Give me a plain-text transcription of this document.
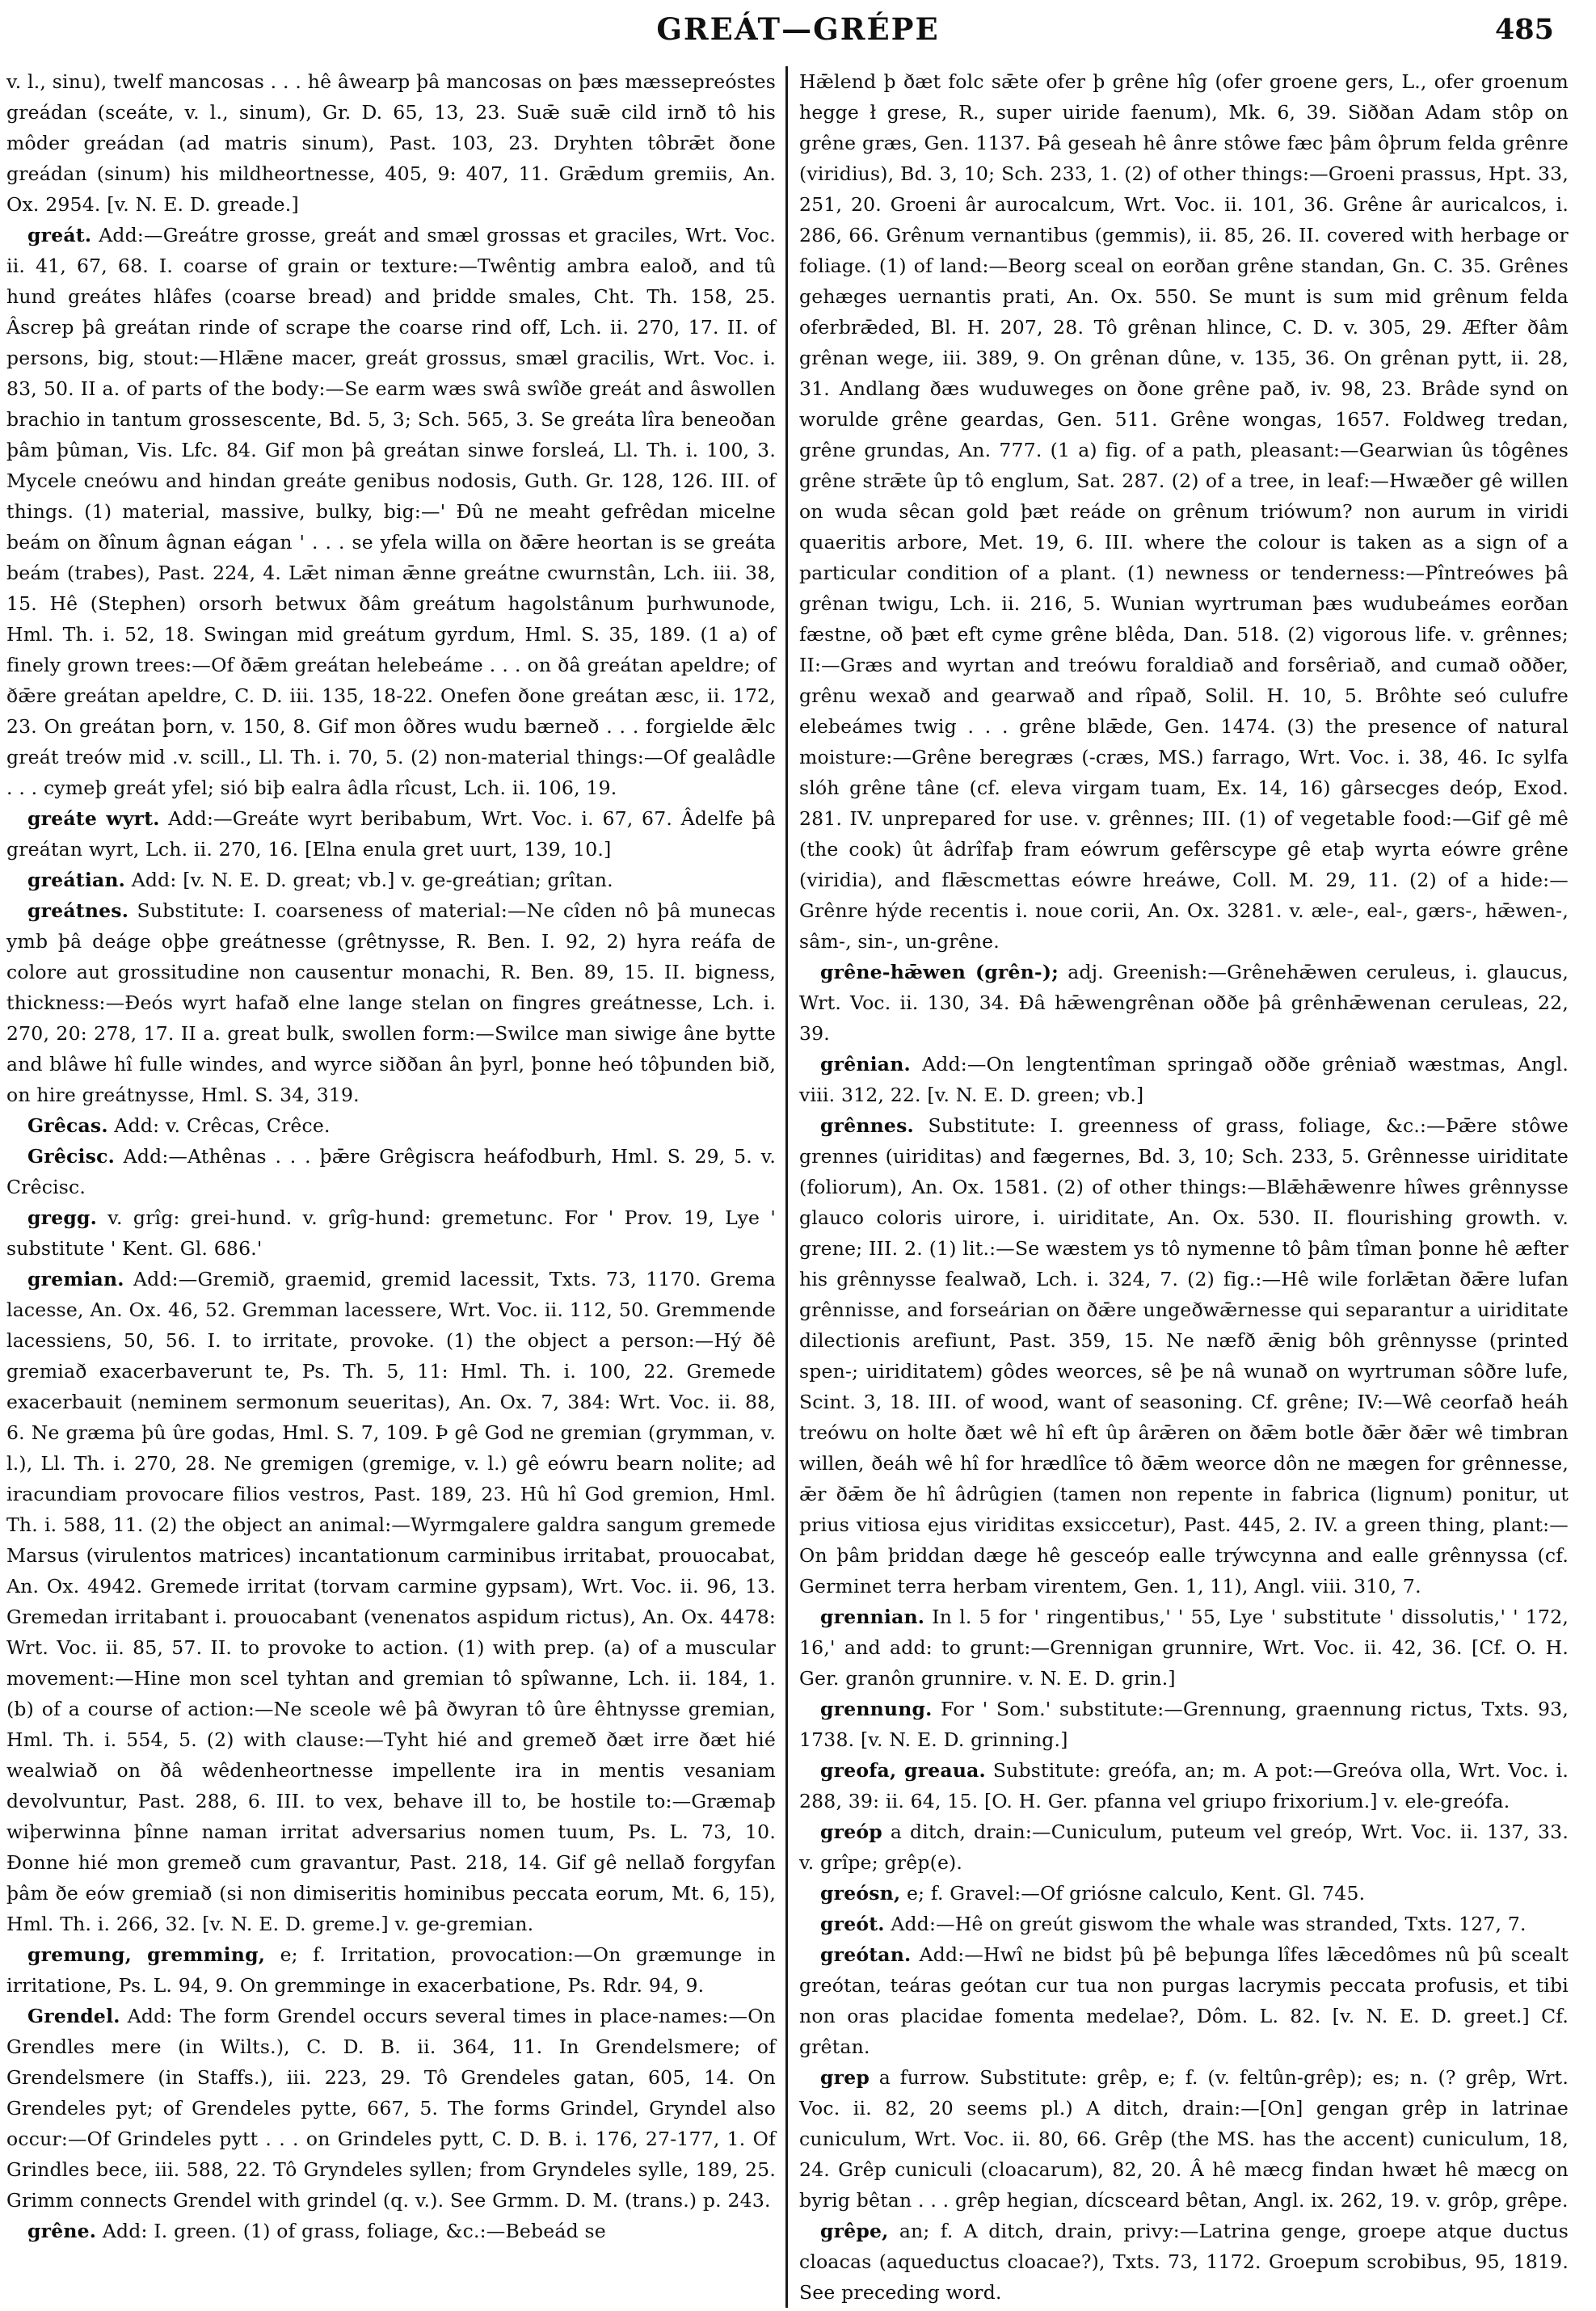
GREÁT—GRÉPE	485

v. l., sinu), twelf mancosas . . . hê âwearp þâ mancosas on þæs mæssepreóstes greádan (sceáte, v. l., sinum), Gr. D. 65, 13, 23. Suǣ suǣ cild irnð tô his môder greádan (ad matris sinum), Past. 103, 23. Dryhten tôbrǣt ðone greádan (sinum) his mildheortnesse, 405, 9: 407, 11. Grǣdum gremiis, An. Ox. 2954. [v. N. E. D. greade.]

greát. Add:—Greátre grosse, greát and smæl grossas et graciles, Wrt. Voc. ii. 41, 67, 68. I. coarse of grain or texture:—Twêntig ambra ealoð, and tû hund greátes hlâfes (coarse bread) and þridde smales, Cht. Th. 158, 25. Âscrep þâ greátan rinde of scrape the coarse rind off, Lch. ii. 270, 17. II. of persons, big, stout:—Hlǣne macer, greát grossus, smæl gracilis, Wrt. Voc. i. 83, 50. II a. of parts of the body:—Se earm wæs swâ swîðe greát and âswollen brachio in tantum grossescente, Bd. 5, 3; Sch. 565, 3. Se greáta lîra beneoðan þâm þûman, Vis. Lfc. 84. Gif mon þâ greátan sinwe forsleá, Ll. Th. i. 100, 3. Mycele cneówu and hindan greáte genibus nodosis, Guth. Gr. 128, 126. III. of things. (1) material, massive, bulky, big:—' Ðû ne meaht gefrêdan micelne beám on ðînum âgnan eágan ' . . . se yfela willa on ðǣre heortan is se greáta beám (trabes), Past. 224, 4. Lǣt niman ǣnne greátne cwurnstân, Lch. iii. 38, 15. Hê (Stephen) orsorh betwux ðâm greátum hagolstânum þurhwunode, Hml. Th. i. 52, 18. Swingan mid greátum gyrdum, Hml. S. 35, 189. (1 a) of finely grown trees:—Of ðǣm greátan helebeáme . . . on ðâ greátan apeldre; of ðǣre greátan apeldre, C. D. iii. 135, 18-22. Onefen ðone greátan æsc, ii. 172, 23. On greátan þorn, v. 150, 8. Gif mon ôðres wudu bærneð . . . forgielde ǣlc greát treów mid .v. scill., Ll. Th. i. 70, 5. (2) non-material things:—Of gealâdle . . . cymeþ greát yfel; sió biþ ealra âdla rîcust, Lch. ii. 106, 19.

greáte wyrt. Add:—Greáte wyrt beribabum, Wrt. Voc. i. 67, 67. Âdelfe þâ greátan wyrt, Lch. ii. 270, 16. [Elna enula gret uurt, 139, 10.]

greátian. Add: [v. N. E. D. great; vb.] v. ge-greátian; grîtan.

greátnes. Substitute: I. coarseness of material:—Ne cîden nô þâ munecas ymb þâ deáge oþþe greátnesse (grêtnysse, R. Ben. I. 92, 2) hyra reáfa de colore aut grossitudine non causentur monachi, R. Ben. 89, 15. II. bigness, thickness:—Ðeós wyrt hafað elne lange stelan on fingres greátnesse, Lch. i. 270, 20: 278, 17. II a. great bulk, swollen form:—Swilce man siwige âne bytte and blâwe hî fulle windes, and wyrce siððan ân þyrl, þonne heó tôþunden bið, on hire greátnysse, Hml. S. 34, 319.

Grêcas. Add: v. Crêcas, Crêce.

Grêcisc. Add:—Athênas . . . þǣre Grêgiscra heáfodburh, Hml. S. 29, 5. v. Crêcisc.

gregg. v. grîg: grei-hund. v. grîg-hund: gremetunc. For ' Prov. 19, Lye ' substitute ' Kent. Gl. 686.'

gremian. Add:—Gremið, graemid, gremid lacessit, Txts. 73, 1170. Grema lacesse, An. Ox. 46, 52. Gremman lacessere, Wrt. Voc. ii. 112, 50. Gremmende lacessiens, 50, 56. I. to irritate, provoke. (1) the object a person:—Hý ðê gremiað exacerbaverunt te, Ps. Th. 5, 11: Hml. Th. i. 100, 22. Gremede exacerbauit (neminem sermonum seueritas), An. Ox. 7, 384: Wrt. Voc. ii. 88, 6. Ne græma þû ûre godas, Hml. S. 7, 109. Þ gê God ne gremian (grymman, v. l.), Ll. Th. i. 270, 28. Ne gremigen (gremige, v. l.) gê eówru bearn nolite; ad iracundiam provocare filios vestros, Past. 189, 23. Hû hî God gremion, Hml. Th. i. 588, 11. (2) the object an animal:—Wyrmgalere galdra sangum gremede Marsus (virulentos matrices) incantationum carminibus irritabat, prouocabat, An. Ox. 4942. Gremede irritat (torvam carmine gypsam), Wrt. Voc. ii. 96, 13. Gremedan irritabant i. prouocabant (venenatos aspidum rictus), An. Ox. 4478: Wrt. Voc. ii. 85, 57. II. to provoke to action. (1) with prep. (a) of a muscular movement:—Hine mon scel tyhtan and gremian tô spîwanne, Lch. ii. 184, 1. (b) of a course of action:—Ne sceole wê þâ ðwyran tô ûre êhtnysse gremian, Hml. Th. i. 554, 5. (2) with clause:—Tyht hié and gremeð ðæt irre ðæt hié wealwiað on ðâ wêdenheortnesse impellente ira in mentis vesaniam devolvuntur, Past. 288, 6. III. to vex, behave ill to, be hostile to:—Græmaþ wiþerwinna þînne naman irritat adversarius nomen tuum, Ps. L. 73, 10. Ðonne hié mon gremeð cum gravantur, Past. 218, 14. Gif gê nellað forgyfan þâm ðe eów gremiað (si non dimiseritis hominibus peccata eorum, Mt. 6, 15), Hml. Th. i. 266, 32. [v. N. E. D. greme.] v. ge-gremian.

gremung, gremming, e; f. Irritation, provocation:—On græmunge in irritatione, Ps. L. 94, 9. On gremminge in exacerbatione, Ps. Rdr. 94, 9.

Grendel. Add: The form Grendel occurs several times in place-names:—On Grendles mere (in Wilts.), C. D. B. ii. 364, 11. In Grendelsmere; of Grendelsmere (in Staffs.), iii. 223, 29. Tô Grendeles gatan, 605, 14. On Grendeles pyt; of Grendeles pytte, 667, 5. The forms Grindel, Gryndel also occur:—Of Grindeles pytt . . . on Grindeles pytt, C. D. B. i. 176, 27-177, 1. Of Grindles bece, iii. 588, 22. Tô Gryndeles syllen; from Gryndeles sylle, 189, 25. Grimm connects Grendel with grindel (q. v.). See Grmm. D. M. (trans.) p. 243.

grêne. Add: I. green. (1) of grass, foliage, &c.:—Bebeád se

Hǣlend þ ðæt folc sǣte ofer þ grêne hîg (ofer groene gers, L., ofer groenum hegge ł grese, R., super uiride faenum), Mk. 6, 39. Siððan Adam stôp on grêne græs, Gen. 1137. Þâ geseah hê ânre stôwe fæc þâm ôþrum felda grênre (viridius), Bd. 3, 10; Sch. 233, 1. (2) of other things:—Groeni prassus, Hpt. 33, 251, 20. Groeni âr aurocalcum, Wrt. Voc. ii. 101, 36. Grêne âr auricalcos, i. 286, 66. Grênum vernantibus (gemmis), ii. 85, 26. II. covered with herbage or foliage. (1) of land:—Beorg sceal on eorðan grêne standan, Gn. C. 35. Grênes gehæges uernantis prati, An. Ox. 550. Se munt is sum mid grênum felda oferbrǣded, Bl. H. 207, 28. Tô grênan hlince, C. D. v. 305, 29. Æfter ðâm grênan wege, iii. 389, 9. On grênan dûne, v. 135, 36. On grênan pytt, ii. 28, 31. Andlang ðæs wuduweges on ðone grêne pað, iv. 98, 23. Brâde synd on worulde grêne geardas, Gen. 511. Grêne wongas, 1657. Foldweg tredan, grêne grundas, An. 777. (1 a) fig. of a path, pleasant:—Gearwian ûs tôgênes grêne strǣte ûp tô englum, Sat. 287. (2) of a tree, in leaf:—Hwæðer gê willen on wuda sêcan gold þæt reáde on grênum triówum? non aurum in viridi quaeritis arbore, Met. 19, 6. III. where the colour is taken as a sign of a particular condition of a plant. (1) newness or tenderness:—Pîntreówes þâ grênan twigu, Lch. ii. 216, 5. Wunian wyrtruman þæs wudubeámes eorðan fæstne, oð þæt eft cyme grêne blêda, Dan. 518. (2) vigorous life. v. grênnes; II:—Græs and wyrtan and treówu foraldiað and forsêriað, and cumað oððer, grênu wexað and gearwað and rîpað, Solil. H. 10, 5. Brôhte seó culufre elebeámes twig . . . grêne blǣde, Gen. 1474. (3) the presence of natural moisture:—Grêne beregræs (-cræs, MS.) farrago, Wrt. Voc. i. 38, 46. Ic sylfa slóh grêne tâne (cf. eleva virgam tuam, Ex. 14, 16) gârsecges deóp, Exod. 281. IV. unprepared for use. v. grênnes; III. (1) of vegetable food:—Gif gê mê (the cook) ût âdrîfaþ fram eówrum gefêrscype gê etaþ wyrta eówre grêne (viridia), and flǣscmettas eówre hreáwe, Coll. M. 29, 11. (2) of a hide:—Grênre hýde recentis i. noue corii, An. Ox. 3281. v. æle-, eal-, gærs-, hǣwen-, sâm-, sin-, un-grêne.

grêne-hǣwen (grên-); adj. Greenish:—Grênehǣwen ceruleus, i. glaucus, Wrt. Voc. ii. 130, 34. Ðâ hǣwengrênan oððe þâ grênhǣwenan ceruleas, 22, 39.

grênian. Add:—On lengtentîman springað oððe grêniað wæstmas, Angl. viii. 312, 22. [v. N. E. D. green; vb.]

grênnes. Substitute: I. greenness of grass, foliage, &c.:—Þǣre stôwe grennes (uiriditas) and fægernes, Bd. 3, 10; Sch. 233, 5. Grênnesse uiriditate (foliorum), An. Ox. 1581. (2) of other things:—Blǣhǣwenre hîwes grênnysse glauco coloris uirore, i. uiriditate, An. Ox. 530. II. flourishing growth. v. grene; III. 2. (1) lit.:—Se wæstem ys tô nymenne tô þâm tîman þonne hê æfter his grênnysse fealwað, Lch. i. 324, 7. (2) fig.:—Hê wile forlǣtan ðǣre lufan grênnisse, and forseárian on ðǣre ungeðwǣrnesse qui separantur a uiriditate dilectionis arefiunt, Past. 359, 15. Ne næfð ǣnig bôh grênnysse (printed spen-; uiriditatem) gôdes weorces, sê þe nâ wunað on wyrtruman sôðre lufe, Scint. 3, 18. III. of wood, want of seasoning. Cf. grêne; IV:—Wê ceorfað heáh treówu on holte ðæt wê hî eft ûp ârǣren on ðǣm botle ðǣr ðǣr wê timbran willen, ðeáh wê hî for hrædlîce tô ðǣm weorce dôn ne mægen for grênnesse, ǣr ðǣm ðe hî âdrûgien (tamen non repente in fabrica (lignum) ponitur, ut prius vitiosa ejus viriditas exsiccetur), Past. 445, 2. IV. a green thing, plant:—On þâm þriddan dæge hê gesceóp ealle trýwcynna and ealle grênnyssa (cf. Germinet terra herbam virentem, Gen. 1, 11), Angl. viii. 310, 7.

grennian. In l. 5 for ' ringentibus,' ' 55, Lye ' substitute ' dissolutis,' ' 172, 16,' and add: to grunt:—Grennigan grunnire, Wrt. Voc. ii. 42, 36. [Cf. O. H. Ger. granôn grunnire. v. N. E. D. grin.]

grennung. For ' Som.' substitute:—Grennung, graennung rictus, Txts. 93, 1738. [v. N. E. D. grinning.]

greofa, greaua. Substitute: greófa, an; m. A pot:—Greóva olla, Wrt. Voc. i. 288, 39: ii. 64, 15. [O. H. Ger. pfanna vel griupo frixorium.] v. ele-greófa.

greóp a ditch, drain:—Cuniculum, puteum vel greóp, Wrt. Voc. ii. 137, 33. v. grîpe; grêp(e).

greósn, e; f. Gravel:—Of griósne calculo, Kent. Gl. 745.

greót. Add:—Hê on greút giswom the whale was stranded, Txts. 127, 7.

greótan. Add:—Hwî ne bidst þû þê beþunga lîfes lǣcedômes nû þû scealt greótan, teáras geótan cur tua non purgas lacrymis peccata profusis, et tibi non oras placidae fomenta medelae?, Dôm. L. 82. [v. N. E. D. greet.] Cf. grêtan.

grep a furrow. Substitute: grêp, e; f. (v. feltûn-grêp); es; n. (? grêp, Wrt. Voc. ii. 82, 20 seems pl.) A ditch, drain:—[On] gengan grêp in latrinae cuniculum, Wrt. Voc. ii. 80, 66. Grêp (the MS. has the accent) cuniculum, 18, 24. Grêp cuniculi (cloacarum), 82, 20. Â hê mæcg findan hwæt hê mæcg on byrig bêtan . . . grêp hegian, dícsceard bêtan, Angl. ix. 262, 19. v. grôp, grêpe.

grêpe, an; f. A ditch, drain, privy:—Latrina genge, groepe atque ductus cloacas (aqueductus cloacae?), Txts. 73, 1172. Groepum scrobibus, 95, 1819. See preceding word.
